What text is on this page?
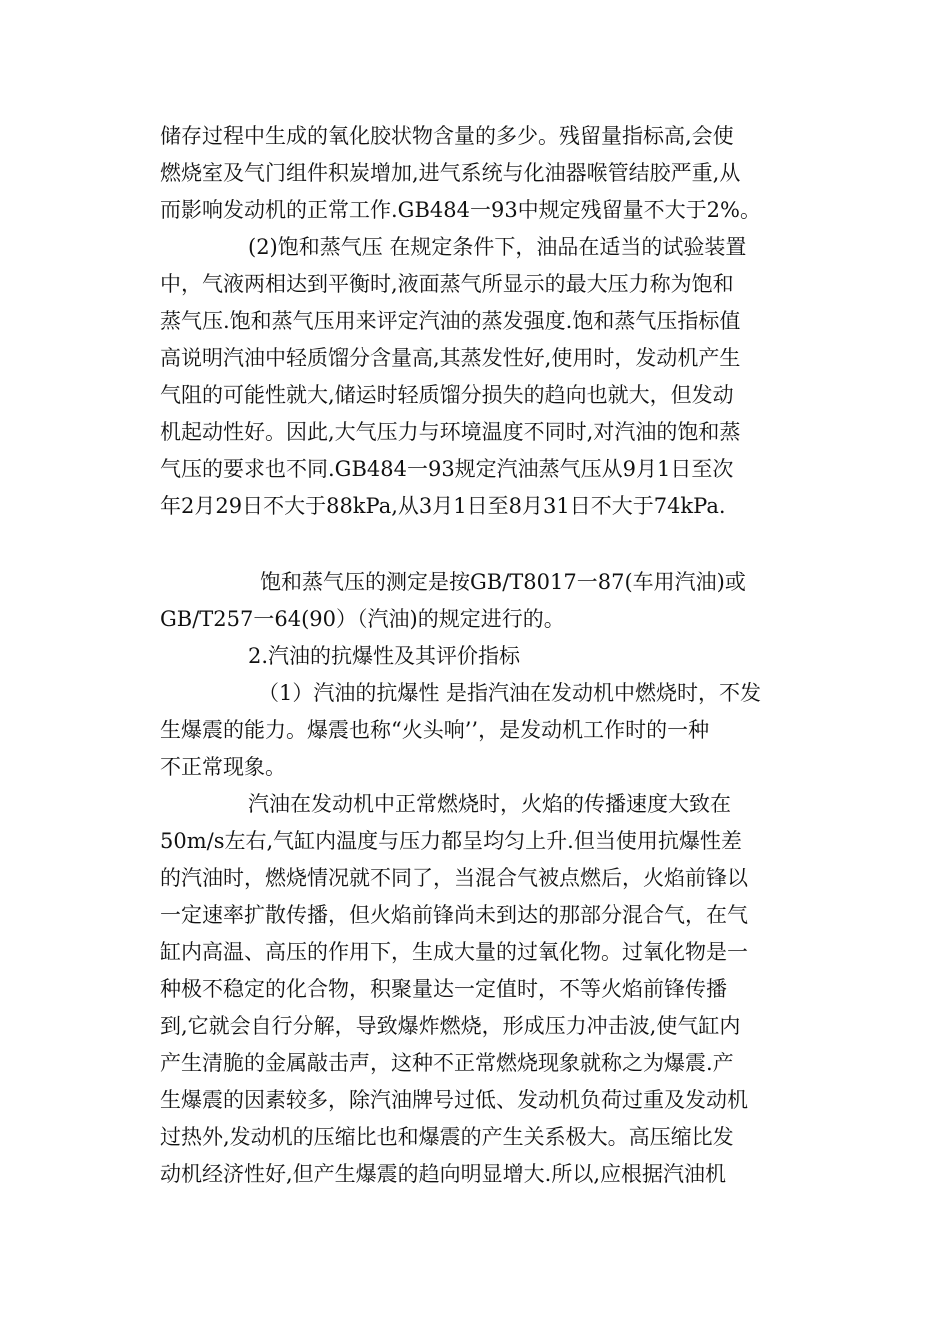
储存过程中生成的氧化胶状物含量的多少。残留量指标高,会使
燃烧室及气门组件积炭增加,进气系统与化油器喉管结胶严重,从
而影响发动机的正常工作.GB484一93中规定残留量不大于2%。
(2)饱和蒸气压 在规定条件下，油品在适当的试验装置
中，气液两相达到平衡时,液面蒸气所显示的最大压力称为饱和
蒸气压.饱和蒸气压用来评定汽油的蒸发强度.饱和蒸气压指标值
高说明汽油中轻质馏分含量高,其蒸发性好,使用时，发动机产生
气阻的可能性就大,储运时轻质馏分损失的趋向也就大，但发动
机起动性好。因此,大气压力与环境温度不同时,对汽油的饱和蒸
气压的要求也不同.GB484一93规定汽油蒸气压从9月1日至次
年2月29日不大于88kPa,从3月1日至8月31日不大于74kPa.
饱和蒸气压的测定是按GB/T8017一87(车用汽油)或
GB/T257一64(90）（汽油)的规定进行的。
2.汽油的抗爆性及其评价指标
（1）汽油的抗爆性 是指汽油在发动机中燃烧时，不发
生爆震的能力。爆震也称“火头响’’，是发动机工作时的一种
不正常现象。
汽油在发动机中正常燃烧时，火焰的传播速度大致在
50m/s左右,气缸内温度与压力都呈均匀上升.但当使用抗爆性差
的汽油时，燃烧情况就不同了，当混合气被点燃后，火焰前锋以
一定速率扩散传播，但火焰前锋尚未到达的那部分混合气，在气
缸内高温、高压的作用下，生成大量的过氧化物。过氧化物是一
种极不稳定的化合物，积聚量达一定值时，不等火焰前锋传播
到,它就会自行分解，导致爆炸燃烧，形成压力冲击波,使气缸内
产生清脆的金属敲击声，这种不正常燃烧现象就称之为爆震.产
生爆震的因素较多，除汽油牌号过低、发动机负荷过重及发动机
过热外,发动机的压缩比也和爆震的产生关系极大。高压缩比发
动机经济性好,但产生爆震的趋向明显增大.所以,应根据汽油机
